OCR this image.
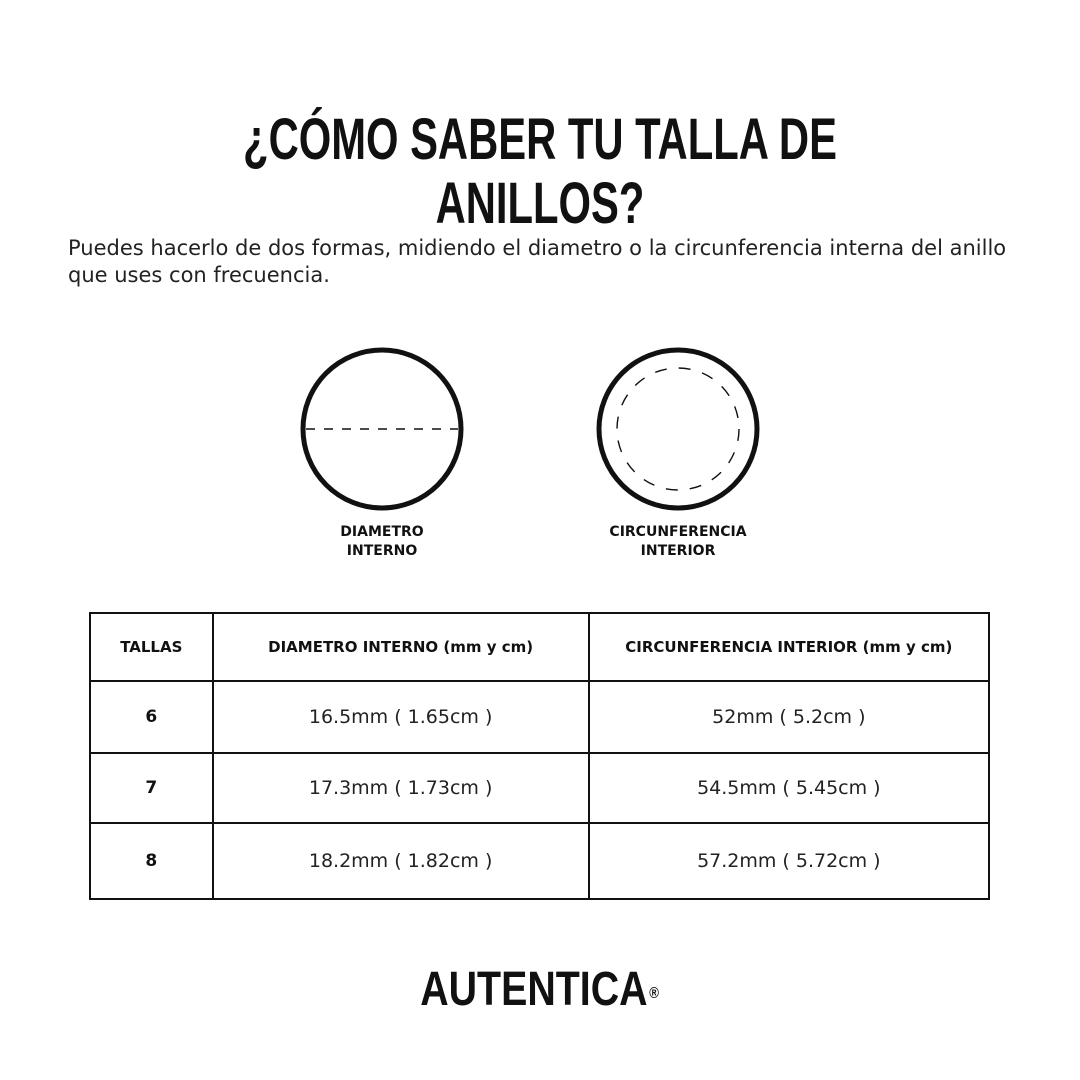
¿CÓMO SABER TU TALLA DE ANILLOS?

Puedes hacerlo de dos formas, midiendo el diametro o la circunferencia interna del anillo que uses con frecuencia.

DIAMETRO
INTERNO
CIRCUNFERENCIA
INTERIOR
TALLAS	DIAMETRO INTERNO (mm y cm)	CIRCUNFERENCIA INTERIOR (mm y cm)
6	16.5mm ( 1.65cm )	52mm ( 5.2cm )
7	17.3mm ( 1.73cm )	54.5mm ( 5.45cm )
8	18.2mm ( 1.82cm )	57.2mm ( 5.72cm )
AUTENTICA ®
